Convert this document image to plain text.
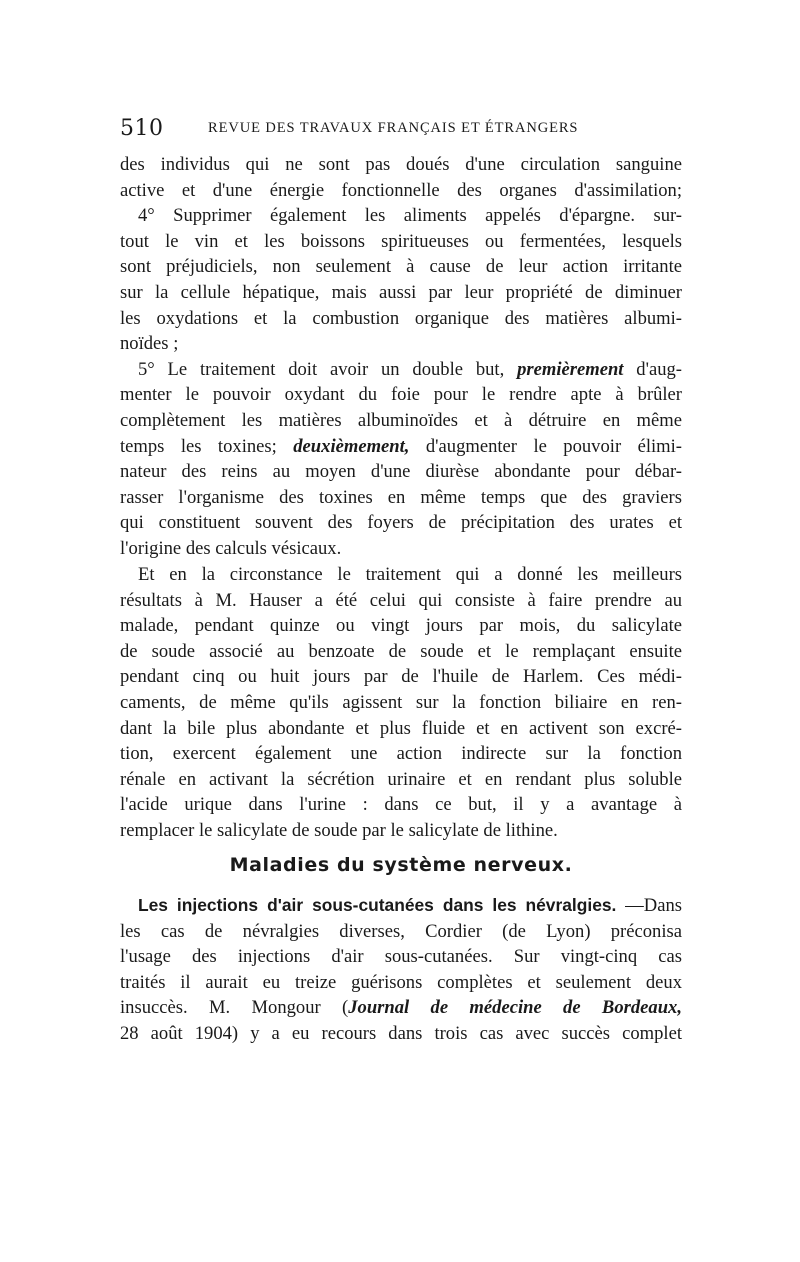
510	REVUE DES TRAVAUX FRANÇAIS ET ÉTRANGERS
des individus qui ne sont pas doués d'une circulation sanguine
active et d'une énergie fonctionnelle des organes d'assimilation;
4° Supprimer également les aliments appelés d'épargne. sur-
tout le vin et les boissons spiritueuses ou fermentées, lesquels
sont préjudiciels, non seulement à cause de leur action irritante
sur la cellule hépatique, mais aussi par leur propriété de diminuer
les oxydations et la combustion organique des matières albumi-
noïdes ;
5° Le traitement doit avoir un double but, premièrement d'aug-
menter le pouvoir oxydant du foie pour le rendre apte à brûler
complètement les matières albuminoïdes et à détruire en même
temps les toxines; deuxièmement, d'augmenter le pouvoir élimi-
nateur des reins au moyen d'une diurèse abondante pour débar-
rasser l'organisme des toxines en même temps que des graviers
qui constituent souvent des foyers de précipitation des urates et
l'origine des calculs vésicaux.
Et en la circonstance le traitement qui a donné les meilleurs
résultats à M. Hauser a été celui qui consiste à faire prendre au
malade, pendant quinze ou vingt jours par mois, du salicylate
de soude associé au benzoate de soude et le remplaçant ensuite
pendant cinq ou huit jours par de l'huile de Harlem. Ces médi-
caments, de même qu'ils agissent sur la fonction biliaire en ren-
dant la bile plus abondante et plus fluide et en activent son excré-
tion, exercent également une action indirecte sur la fonction
rénale en activant la sécrétion urinaire et en rendant plus soluble
l'acide urique dans l'urine : dans ce but, il y a avantage à
remplacer le salicylate de soude par le salicylate de lithine.
Maladies du système nerveux.
Les injections d'air sous-cutanées dans les névralgies. —Dans
les cas de névralgies diverses, Cordier (de Lyon) préconisa
l'usage des injections d'air sous-cutanées. Sur vingt-cinq cas
traités il aurait eu treize guérisons complètes et seulement deux
insuccès. M. Mongour (Journal de médecine de Bordeaux,
28 août 1904) y a eu recours dans trois cas avec succès complet
